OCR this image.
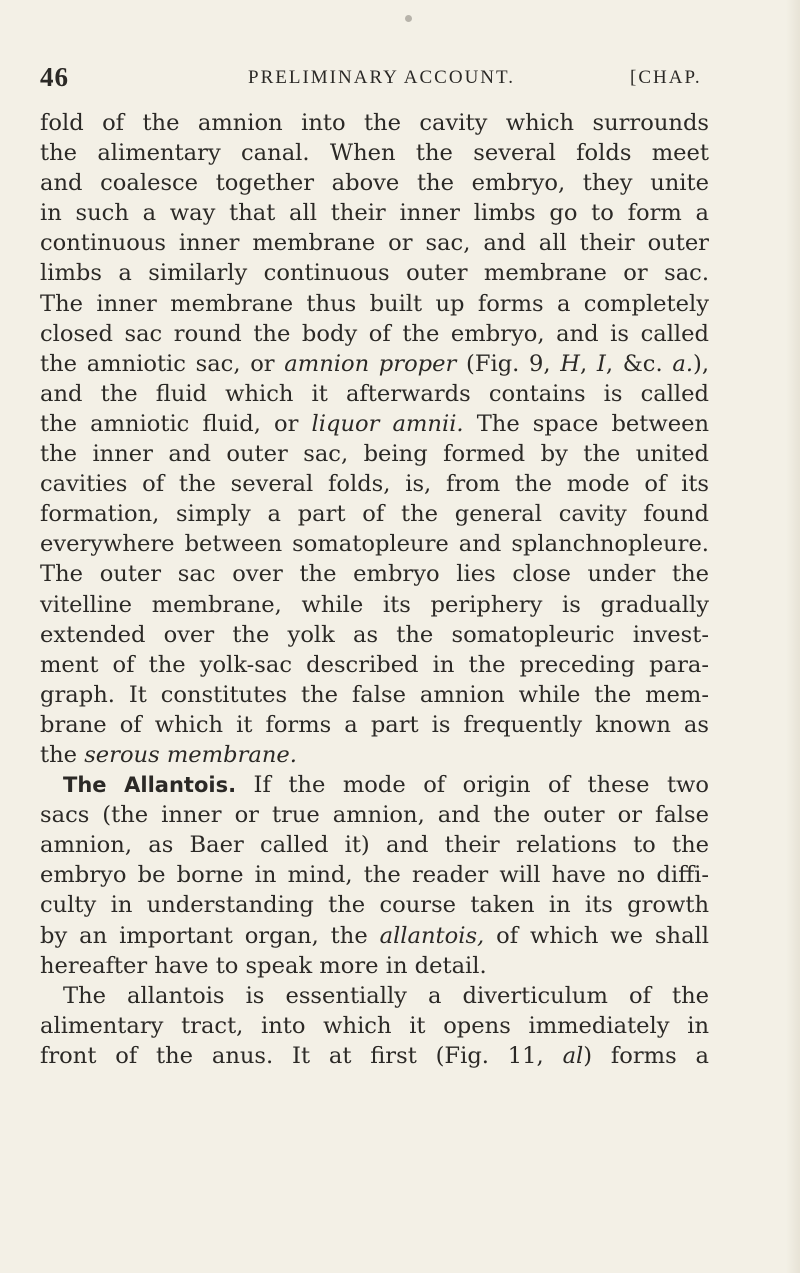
46	PRELIMINARY ACCOUNT.	[CHAP.
fold of the amnion into the cavity which surrounds
the alimentary canal. When the several folds meet
and coalesce together above the embryo, they unite
in such a way that all their inner limbs go to form a
continuous inner membrane or sac, and all their outer
limbs a similarly continuous outer membrane or sac.
The inner membrane thus built up forms a completely
closed sac round the body of the embryo, and is called
the amniotic sac, or amnion proper (Fig. 9, H, I, &c. a.),
and the fluid which it afterwards contains is called
the amniotic fluid, or liquor amnii. The space between
the inner and outer sac, being formed by the united
cavities of the several folds, is, from the mode of its
formation, simply a part of the general cavity found
everywhere between somatopleure and splanchnopleure.
The outer sac over the embryo lies close under the
vitelline membrane, while its periphery is gradually
extended over the yolk as the somatopleuric invest-
ment of the yolk-sac described in the preceding para-
graph. It constitutes the false amnion while the mem-
brane of which it forms a part is frequently known as
the serous membrane.
The Allantois. If the mode of origin of these two
sacs (the inner or true amnion, and the outer or false
amnion, as Baer called it) and their relations to the
embryo be borne in mind, the reader will have no diffi-
culty in understanding the course taken in its growth
by an important organ, the allantois, of which we shall
hereafter have to speak more in detail.
The allantois is essentially a diverticulum of the
alimentary tract, into which it opens immediately in
front of the anus. It at first (Fig. 11, al) forms a
